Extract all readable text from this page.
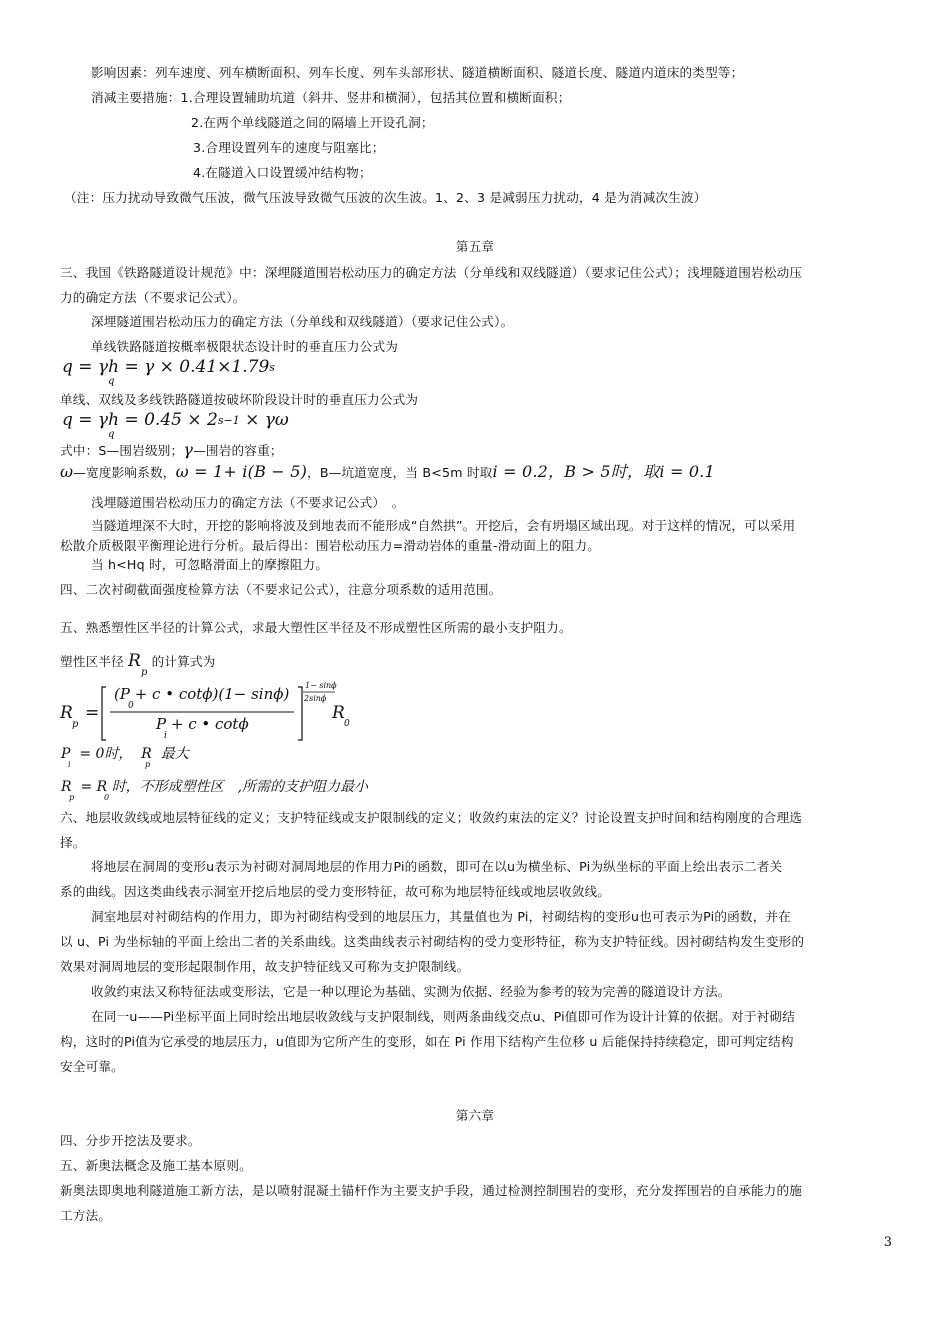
影响因素：列车速度、列车横断面积、列车长度、列车头部形状、隧道横断面积、隧道长度、隧道内道床的类型等；
消减主要措施：1.合理设置辅助坑道（斜井、竖井和横洞），包括其位置和横断面积；
2.在两个单线隧道之间的隔墙上开设孔洞；
3.合理设置列车的速度与阻塞比；
4.在隧道入口设置缓冲结构物；
（注：压力扰动导致微气压波，微气压波导致微气压波的次生波。1、2、3 是减弱压力扰动，4 是为消减次生波）
第五章
三、我国《铁路隧道设计规范》中：深埋隧道围岩松动压力的确定方法（分单线和双线隧道）（要求记住公式）；浅埋隧道围岩松动压
力的确定方法（不要求记公式）。
深埋隧道围岩松动压力的确定方法（分单线和双线隧道）（要求记住公式）。
单线铁路隧道按概率极限状态设计时的垂直压力公式为
q = γh = γ × 0.41×1.79s
q
单线、双线及多线铁路隧道按破坏阶段设计时的垂直压力公式为
q = γh = 0.45 × 2s−1 × γω
q
式中：S—围岩级别；γ—围岩的容重；
ω—宽度影响系数，ω = 1+ i(B − 5)，B—坑道宽度，当 B<5m 时取i = 0.2，B > 5时，取i = 0.1
浅埋隧道围岩松动压力的确定方法（不要求记公式）　。
当隧道埋深不大时，开挖的影响将波及到地表而不能形成“自然拱”。开挖后，会有坍塌区域出现。对于这样的情况，可以采用
松散介质极限平衡理论进行分析。最后得出：围岩松动压力=滑动岩体的重量-滑动面上的阻力。
当 h<Hq 时，可忽略滑面上的摩擦阻力。
四、二次衬砌截面强度检算方法（不要求记公式），注意分项系数的适用范围。
五、熟悉塑性区半径的计算公式，求最大塑性区半径及不形成塑性区所需的最小支护阻力。
塑性区半径 $R_p$的计算式为
R
p
=
(P + c • cotϕ)(1− sinϕ)
0
P + c • cotϕ
i
1− sinϕ
2sinϕ
R
0
P  = 0时，  R  最大
i	p
R  = R 时，不形成塑性区　,所需的支护阻力最小
p	0
六、地层收敛线或地层特征线的定义；支护特征线或支护限制线的定义；收敛约束法的定义？讨论设置支护时间和结构刚度的合理选
择。
将地层在洞周的变形u表示为衬砌对洞周地层的作用力Pi的函数，即可在以u为横坐标、Pi为纵坐标的平面上绘出表示二者关
系的曲线。因这类曲线表示洞室开挖后地层的受力变形特征，故可称为地层特征线或地层收敛线。
洞室地层对衬砌结构的作用力，即为衬砌结构受到的地层压力，其量值也为 Pi，衬砌结构的变形u也可表示为Pi的函数，并在
以 u、Pi 为坐标轴的平面上绘出二者的关系曲线。这类曲线表示衬砌结构的受力变形特征，称为支护特征线。因衬砌结构发生变形的
效果对洞周地层的变形起限制作用，故支护特征线又可称为支护限制线。
收敛约束法又称特征法或变形法，它是一种以理论为基础、实测为依据、经验为参考的较为完善的隧道设计方法。
在同一u——Pi坐标平面上同时绘出地层收敛线与支护限制线，则两条曲线交点u、Pi值即可作为设计计算的依据。对于衬砌结
构，这时的Pi值为它承受的地层压力，u值即为它所产生的变形，如在 Pi 作用下结构产生位移 u 后能保持持续稳定，即可判定结构
安全可靠。
第六章
四、分步开挖法及要求。
五、新奥法概念及施工基本原则。
新奥法即奥地利隧道施工新方法，是以喷射混凝土锚杆作为主要支护手段，通过检测控制围岩的变形，充分发挥围岩的自承能力的施
工方法。
3
